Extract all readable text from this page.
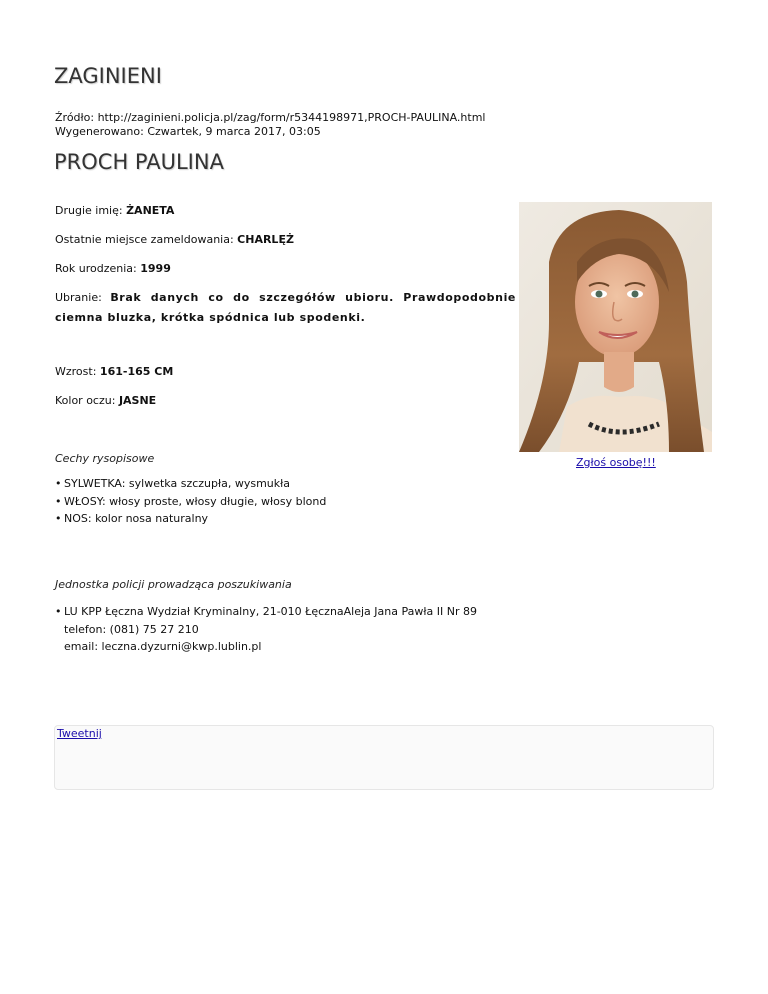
ZAGINIENI
Źródło: http://zaginieni.policja.pl/zag/form/r5344198971,PROCH-PAULINA.html
Wygenerowano: Czwartek, 9 marca 2017, 03:05
PROCH PAULINA
Drugie imię: ŻANETA
Ostatnie miejsce zameldowania: CHARLĘŻ
Rok urodzenia: 1999
Ubranie: Brak danych co do szczegółów ubioru. Prawdopodobnie ciemna bluzka, krótka spódnica lub spodenki.
Wzrost: 161-165 CM
Kolor oczu: JASNE
Cechy rysopisowe
• SYLWETKA: sylwetka szczupła, wysmukła
• WŁOSY: włosy proste, włosy długie, włosy blond
• NOS: kolor nosa naturalny
Jednostka policji prowadząca poszukiwania
• LU KPP Łęczna Wydział Kryminalny, 21-010 ŁęcznaAleja Jana Pawła II Nr 89
telefon: (081) 75 27 210
email: leczna.dyzurni@kwp.lublin.pl
Zgłoś osobę!!!
Tweetnij
